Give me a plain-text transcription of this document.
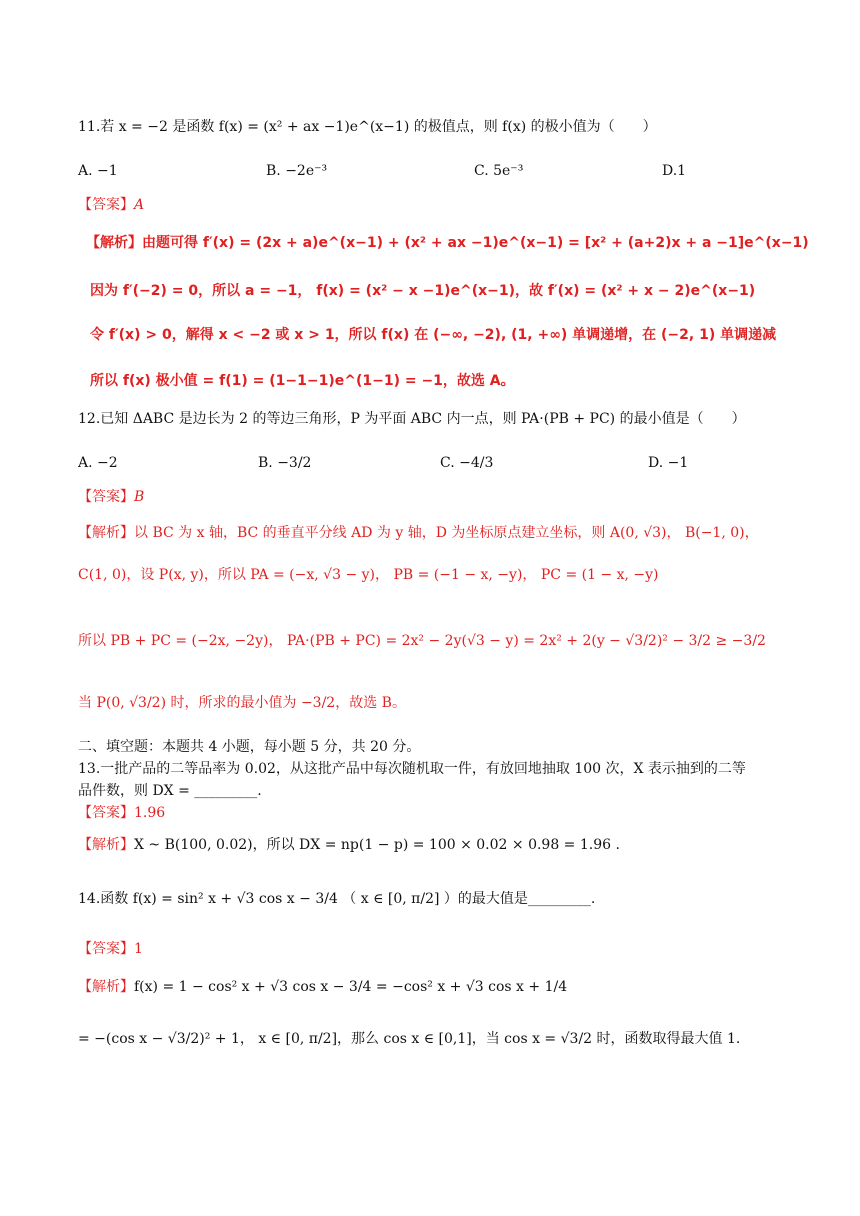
11.若 x = −2 是函数 f(x) = (x² + ax −1)e^(x−1) 的极值点，则 f(x) 的极小值为（　　）
A. −1	B. −2e⁻³	C. 5e⁻³	D.1
【答案】A
【解析】由题可得 f′(x) = (2x + a)e^(x−1) + (x² + ax −1)e^(x−1) = [x² + (a+2)x + a −1]e^(x−1)
因为 f′(−2) = 0，所以 a = −1， f(x) = (x² − x −1)e^(x−1)，故 f′(x) = (x² + x − 2)e^(x−1)
令 f′(x) > 0，解得 x < −2 或 x > 1，所以 f(x) 在 (−∞, −2), (1, +∞) 单调递增，在 (−2, 1) 单调递减
所以 f(x) 极小值 = f(1) = (1−1−1)e^(1−1) = −1，故选 A。
12.已知 ΔABC 是边长为 2 的等边三角形，P 为平面 ABC 内一点，则 PA·(PB + PC) 的最小值是（　　）
A. −2	B. −3/2	C. −4/3	D. −1
【答案】B
【解析】以 BC 为 x 轴，BC 的垂直平分线 AD 为 y 轴，D 为坐标原点建立坐标，则 A(0, √3)， B(−1, 0)，
C(1, 0)，设 P(x, y)，所以 PA = (−x, √3 − y)， PB = (−1 − x, −y)， PC = (1 − x, −y)
所以 PB + PC = (−2x, −2y)， PA·(PB + PC) = 2x² − 2y(√3 − y) = 2x² + 2(y − √3/2)² − 3/2 ≥ −3/2
当 P(0, √3/2) 时，所求的最小值为 −3/2，故选 B。
二、填空题：本题共 4 小题，每小题 5 分，共 20 分。
13.一批产品的二等品率为 0.02，从这批产品中每次随机取一件，有放回地抽取 100 次，X 表示抽到的二等
品件数，则 DX = _________.
【答案】1.96
【解析】X ~ B(100, 0.02)，所以 DX = np(1 − p) = 100 × 0.02 × 0.98 = 1.96 .
14.函数 f(x) = sin² x + √3 cos x − 3/4 （ x ∈ [0, π/2] ）的最大值是_________.
【答案】1
【解析】f(x) = 1 − cos² x + √3 cos x − 3/4 = −cos² x + √3 cos x + 1/4
= −(cos x − √3/2)² + 1， x ∈ [0, π/2]，那么 cos x ∈ [0,1]，当 cos x = √3/2 时，函数取得最大值 1.
